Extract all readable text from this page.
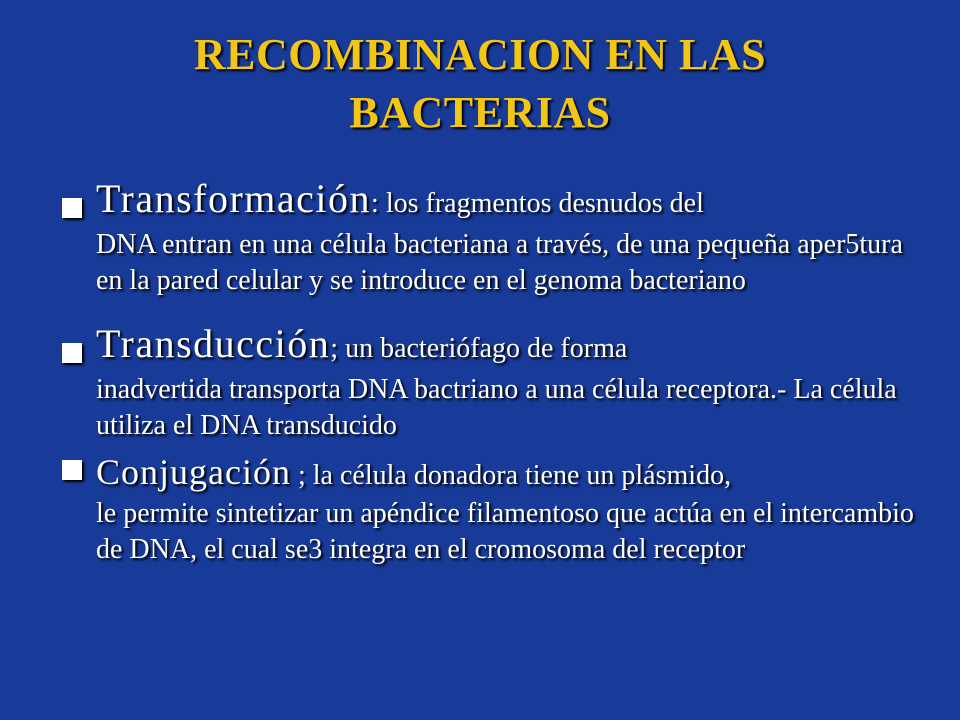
RECOMBINACION EN LAS BACTERIAS
Transformación: los fragmentos desnudos del
DNA entran en una célula bacteriana a través, de una pequeña aper5tura en la pared celular y se introduce en el genoma bacteriano
Transducción; un bacteriófago de forma
inadvertida transporta DNA bactriano a una célula receptora.- La célula utiliza el DNA transducido
Conjugación ; la célula donadora tiene un plásmido,
le permite sintetizar un apéndice filamentoso que actúa en el intercambio de DNA, el cual se3 integra en el cromosoma del receptor
